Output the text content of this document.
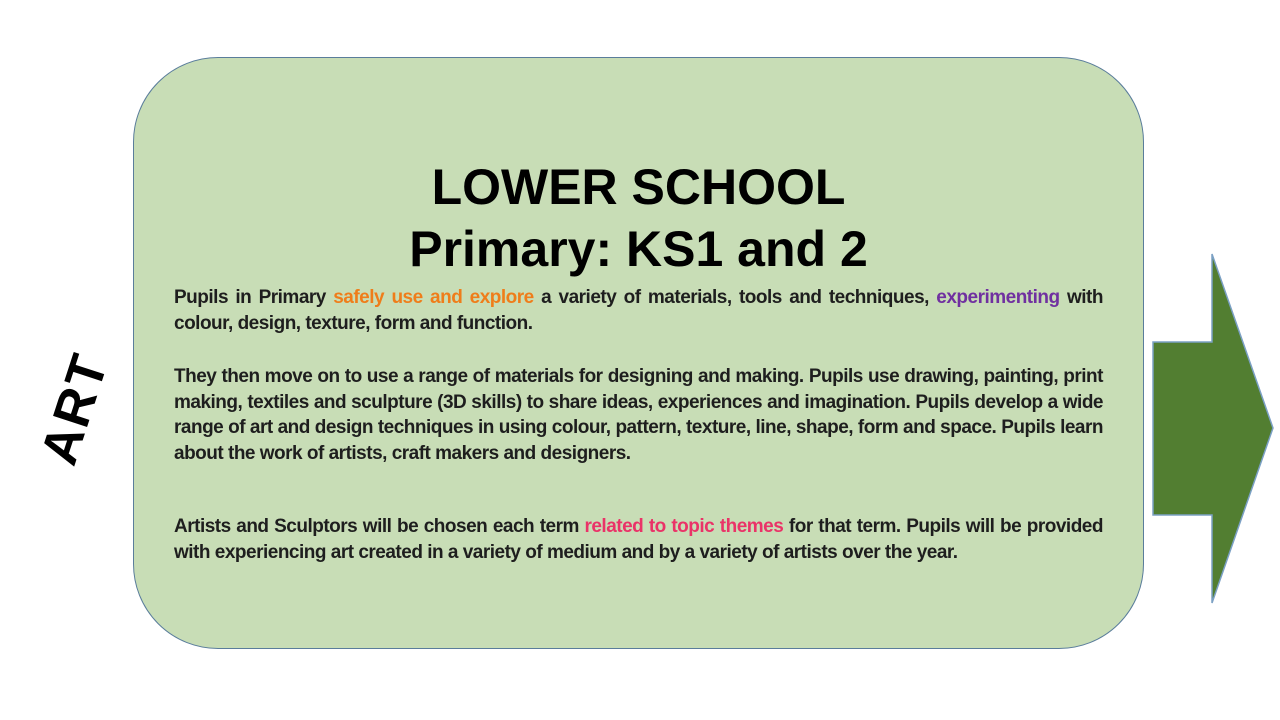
ART
LOWER SCHOOL
Primary: KS1 and 2

Pupils in Primary safely use and explore a variety of materials, tools and techniques, experimenting with colour, design, texture, form and function.

They then move on to use a range of materials for designing and making. Pupils use drawing, painting, print making, textiles and sculpture (3D skills) to share ideas, experiences and imagination. Pupils develop a wide range of art and design techniques in using colour, pattern, texture, line, shape, form and space. Pupils learn about the work of artists, craft makers and designers.

Artists and Sculptors will be chosen each term related to topic themes for that term. Pupils will be provided with experiencing art created in a variety of medium and by a variety of artists over the year.
